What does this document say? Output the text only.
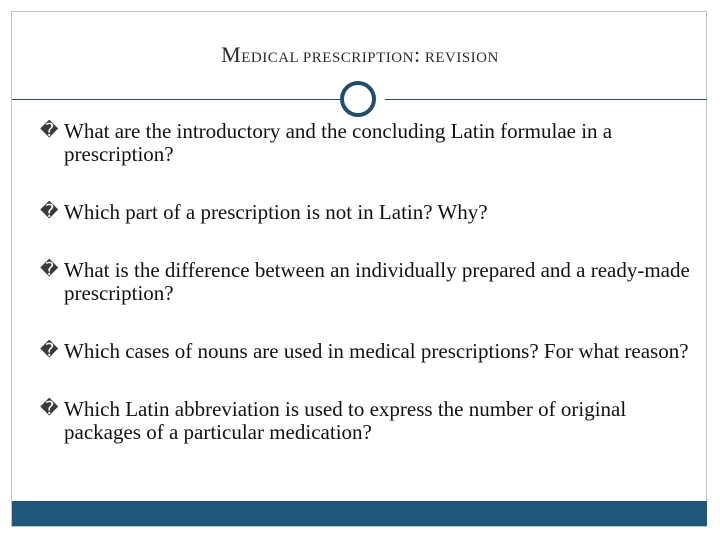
MEDICAL PRESCRIPTION: REVISION
� What are the introductory and the concluding Latin formulae in a prescription?
� Which part of a prescription is not in Latin? Why?
� What is the difference between an individually prepared and a ready-made prescription?
� Which cases of nouns are used in medical prescriptions? For what reason?
� Which Latin abbreviation is used to express the number of original packages of a particular medication?
